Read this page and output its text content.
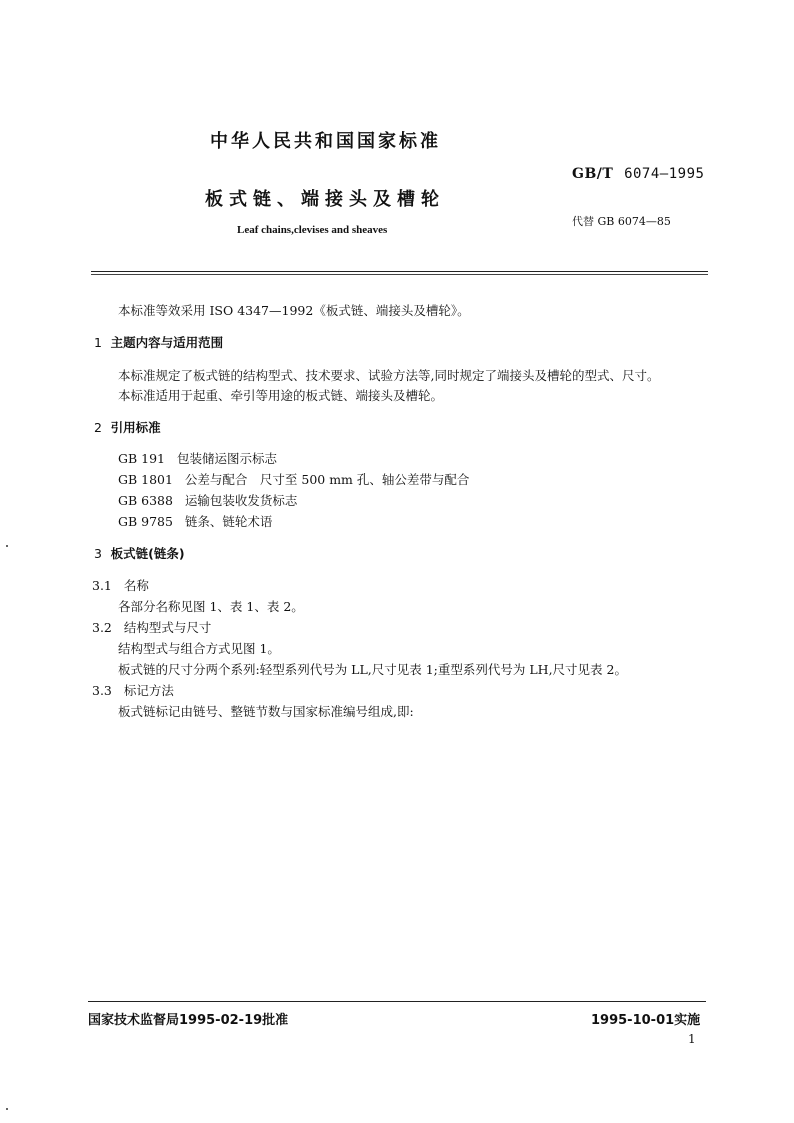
中华人民共和国国家标准
GB/T 6074—1995
板式链、端接头及槽轮
代替 GB 6074—85
Leaf chains,clevises and sheaves
本标准等效采用 ISO 4347—1992《板式链、端接头及槽轮》。
1 主题内容与适用范围
本标准规定了板式链的结构型式、技术要求、试验方法等,同时规定了端接头及槽轮的型式、尺寸。
本标准适用于起重、牵引等用途的板式链、端接头及槽轮。
2 引用标准
GB 191 包装储运图示标志
GB 1801 公差与配合　尺寸至 500 mm 孔、轴公差带与配合
GB 6388 运输包装收发货标志
GB 9785 链条、链轮术语
3 板式链(链条)
3.1 名称
各部分名称见图 1、表 1、表 2。
3.2 结构型式与尺寸
结构型式与组合方式见图 1。
板式链的尺寸分两个系列:轻型系列代号为 LL,尺寸见表 1;重型系列代号为 LH,尺寸见表 2。
3.3 标记方法
板式链标记由链号、整链节数与国家标准编号组成,即:
国家技术监督局1995-02-19批准	1995-10-01实施
1
